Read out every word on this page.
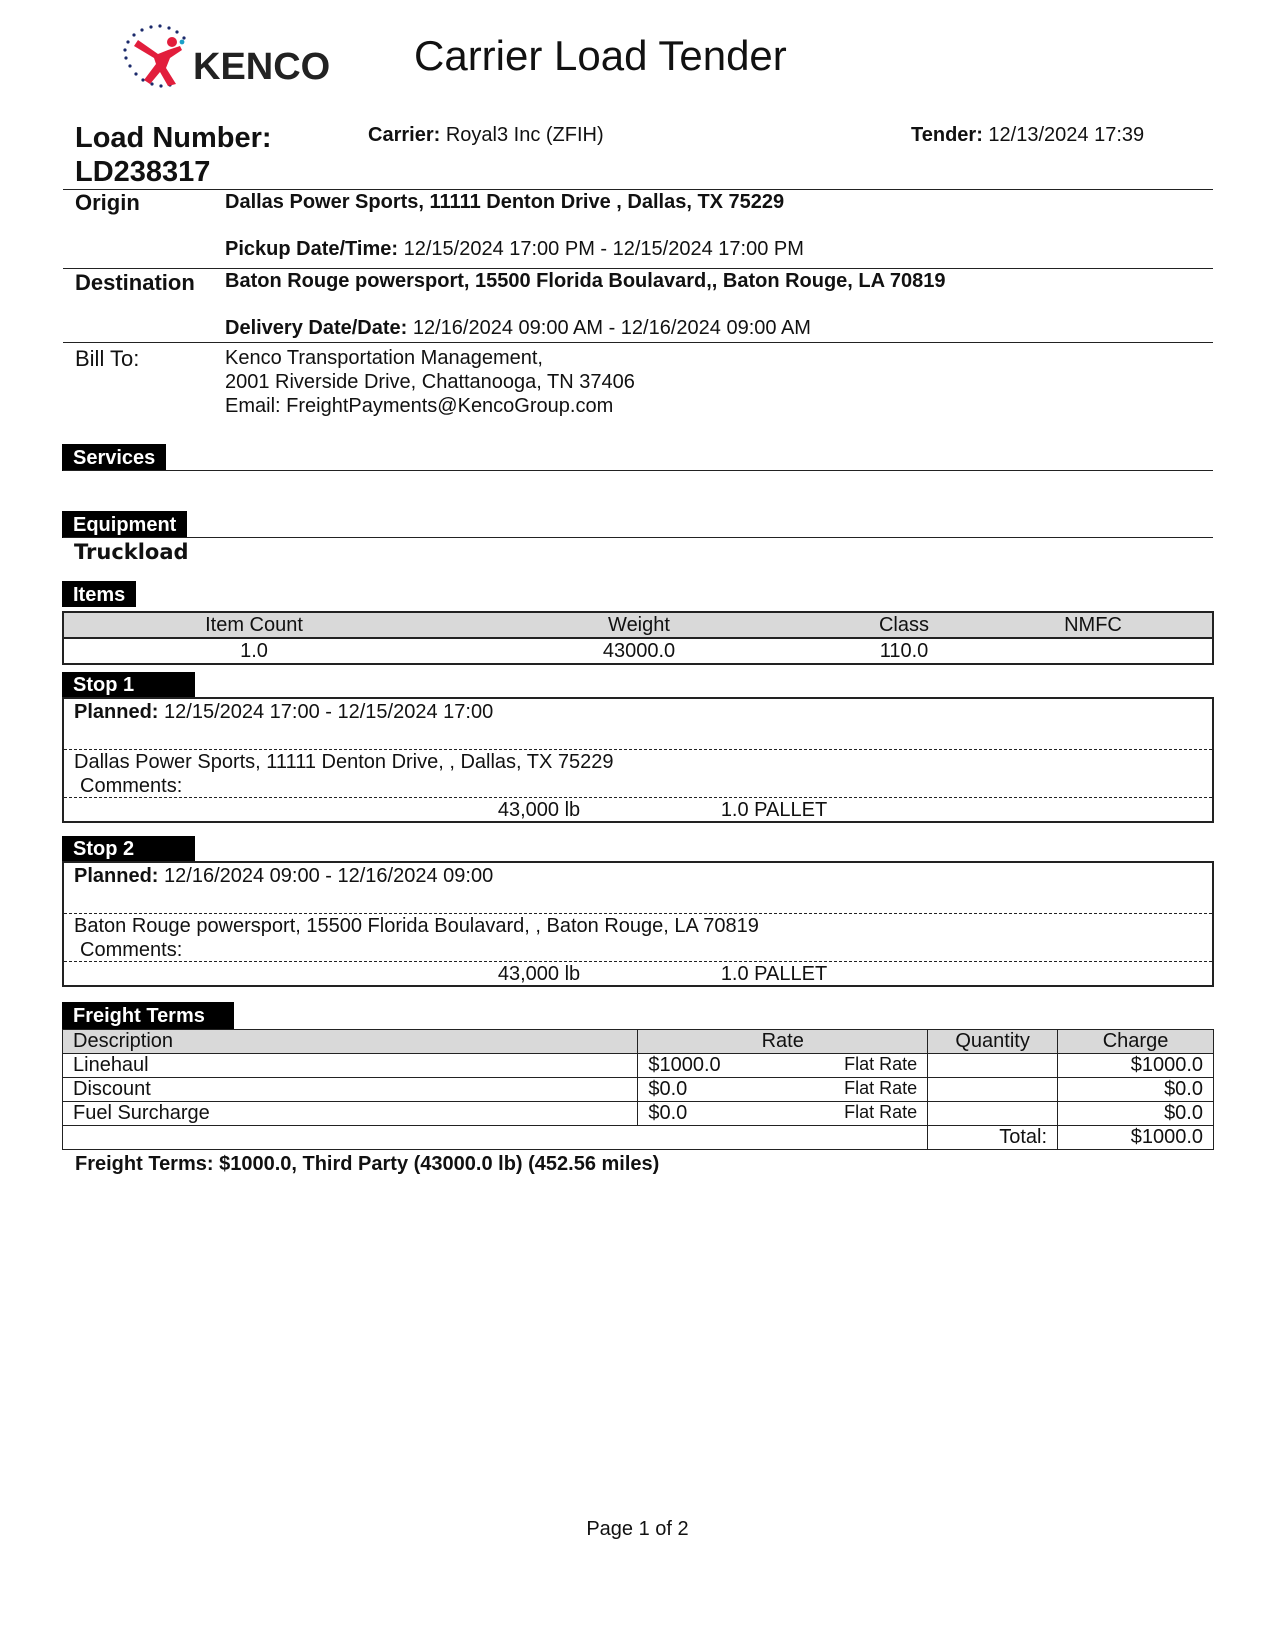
KENCO Carrier Load Tender
Load Number:
LD238317
Carrier: Royal3 Inc (ZFIH)	Tender: 12/13/2024 17:39
Origin	Dallas Power Sports, 11111 Denton Drive , Dallas, TX 75229
Pickup Date/Time: 12/15/2024 17:00 PM - 12/15/2024 17:00 PM
Destination Baton Rouge powersport, 15500 Florida Boulavard,, Baton Rouge, LA 70819
Delivery Date/Date: 12/16/2024 09:00 AM - 12/16/2024 09:00 AM
Bill To:	Kenco Transportation Management,
2001 Riverside Drive, Chattanooga, TN 37406
Email: FreightPayments@KencoGroup.com
Services
Equipment
Truckload
Items
Item Count	Weight	Class	NMFC
1.0	43000.0	110.0
Stop 1
Planned: 12/15/2024 17:00 - 12/15/2024 17:00
Dallas Power Sports, 11111 Denton Drive, , Dallas, TX 75229
Comments:
43,000 lb	1.0 PALLET
Stop 2
Planned: 12/16/2024 09:00 - 12/16/2024 09:00
Baton Rouge powersport, 15500 Florida Boulavard, , Baton Rouge, LA 70819
Comments:
43,000 lb	1.0 PALLET
Freight Terms
Description	Rate	Quantity	Charge
Linehaul	$1000.0 Flat Rate		$1000.0
Discount	$0.0 Flat Rate		$0.0
Fuel Surcharge	$0.0 Flat Rate		$0.0
		Total:	$1000.0
Freight Terms: $1000.0, Third Party (43000.0 lb) (452.56 miles)
Page 1 of 2
